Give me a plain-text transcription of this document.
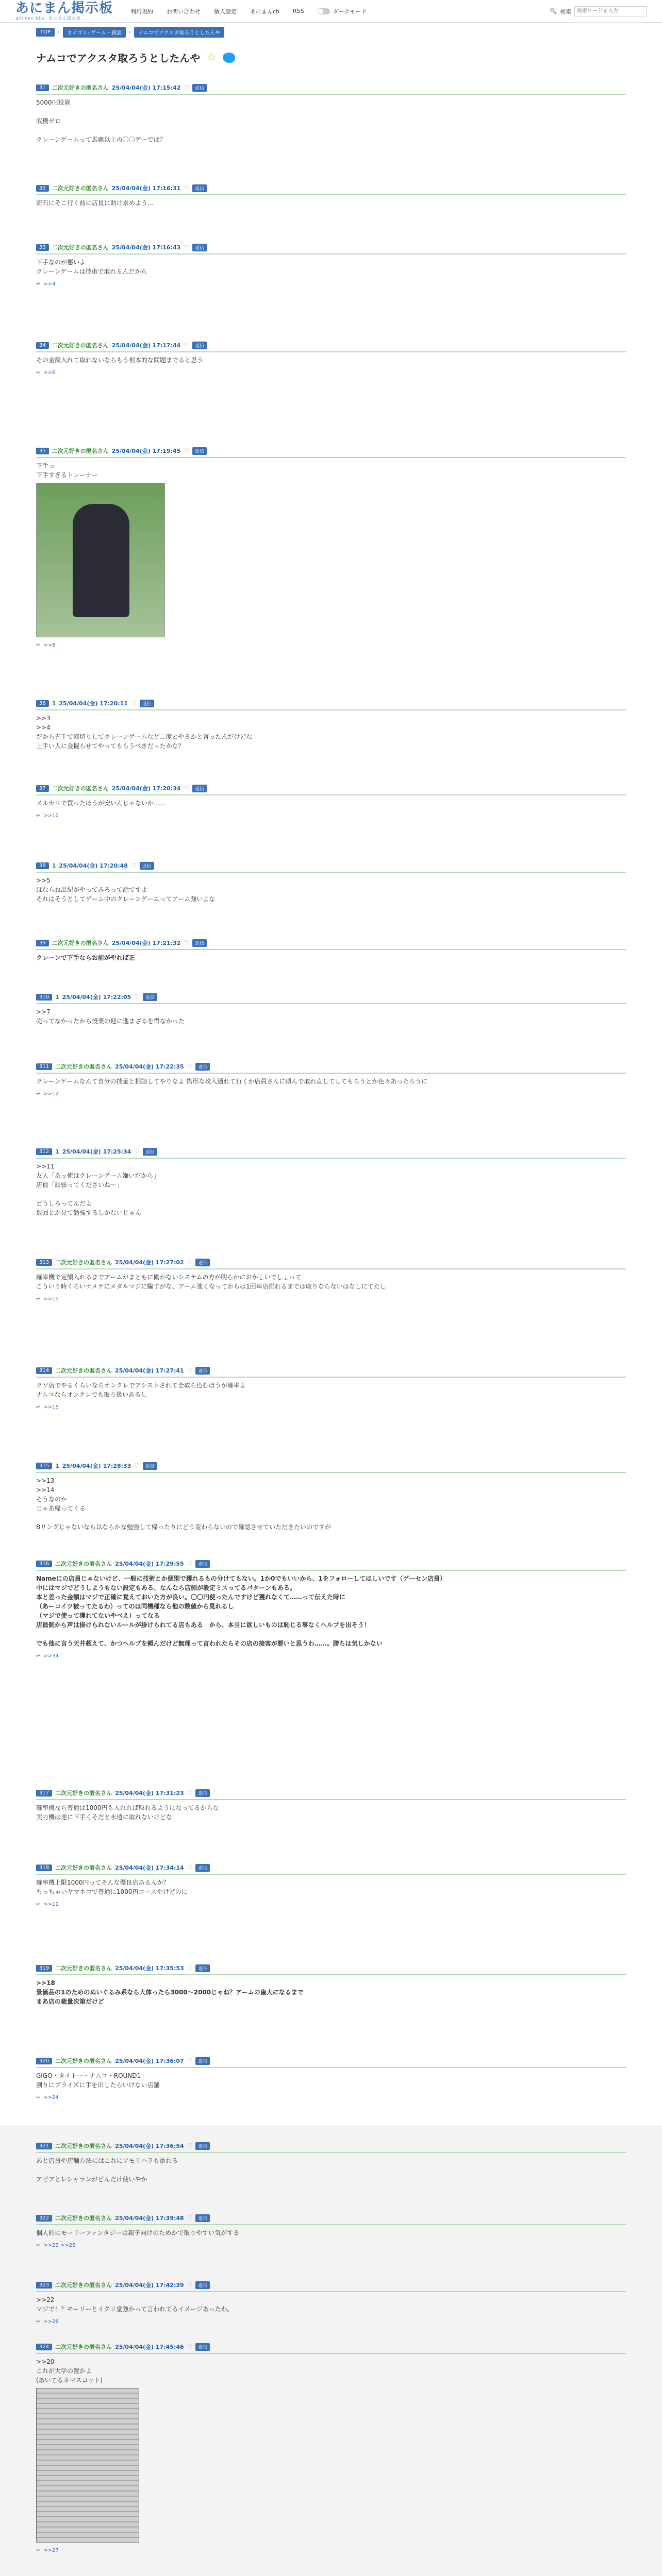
あにまん掲示板
animan bbs. あにまん掲示板
利用規約 お問い合わせ 個人設定 あにまんch RSS	ダークモード	🔍 検索
検索ワードを入力
TOP	›	カテゴリ: ゲーム・雑談	›	ナムコでアクスタ取ろうとしたんや
ナムコでアクスタ取ろうとしたんや ☆
31	二次元好きの匿名さん 25/04/04(金) 17:15:42 ♡	返信
5000円投資

収穫ゼロ

クレーンゲームって馬鹿以上の〇〇ゲーでは？
32	二次元好きの匿名さん 25/04/04(金) 17:16:31 ♡	返信
流石にそこ行く前に店員に助け求めよう…
33	二次元好きの匿名さん 25/04/04(金) 17:16:43 ♡	返信
下手なのが悪いよ
クレーンゲームは技術で取れるんだから
↩ >>4
34	二次元好きの匿名さん 25/04/04(金) 17:17:44 ♡	返信
その金額入れて取れないならもう根本的な問題までると思う
↩ >>6
35	二次元好きの匿名さん 25/04/04(金) 17:19:45 ♡	返信
下手っ
下手すぎるトレーナー
↩ >>8
36	1 25/04/04(金) 17:20:11 ♡	返信
>>3
>>4
だから五千で諦切りしてクレーンゲームなど二度とやるかと言ったんだけどな
上手い人に金握らせてやってもらうべきだったかな？
37	二次元好きの匿名さん 25/04/04(金) 17:20:34 ♡	返信
メルカリで買ったほうが安いんじゃないか……
↩ >>10
38	1 25/04/04(金) 17:20:48 ♡	返信
>>5
ほならね出紀がやってみろって話ですよ
それはそうとしてゲーム中のクレーンゲームってアーム強いよな
39	二次元好きの匿名さん 25/04/04(金) 17:21:32 ♡	返信
クレーンで下手ならお前がやれば正
310	1 25/04/04(金) 17:22:05 ♡	返信
>>7
売ってなかったから授業の迎に進まざるを得なかった
311	二次元好きの匿名さん 25/04/04(金) 17:22:35 ♡	返信
クレーンゲームなんて自分の技量と相談してやりなよ 搭形な攻入通れて行くか店員さんに頼んで取れ直してしてもらうとか色々あったろうに
↩ >>12
312	1 25/04/04(金) 17:25:34 ♡	返信
>>11
友人「あっ俺はクレーンゲーム嫌いだから」
店員「頑張ってくださいね〜」

どうしろってんだよ
数回とか見て勉強するしかないじゃん
313	二次元好きの匿名さん 25/04/04(金) 17:27:02 ♡	返信
確率機で定額入れるまでアームがまともに働かないシステムの方が明らかにおかしいでしょって
こういう時くらいナメテにメダルマジに騙すがな、アーム強くなってからは1回車店揃れるまでは取りならないはなしにてたし
↩ >>15
314	二次元好きの匿名さん 25/04/04(金) 17:27:41 ♡	返信
クソ店でやるくらいならオンクレでアシストされて全取ら込むほうが確率よ
ナムコならオンクレでも取り扱いあるし
↩ >>15
315	1 25/04/04(金) 17:28:33 ♡	返信
>>13
>>14
そうなのか
じゃあ帰ってくる

Bリングじゃないなら以ならかな勉強して帰ったりにどう変わらないので確認させていただきたいのですが
316	二次元好きの匿名さん 25/04/04(金) 17:29:55 ♡	返信
Nameにの店員じゃないけど、一般に技術とか個別で獲れるもの分けてもない。1か0でもいいから、1をフォローしてほしいです（ゲーセン店員）
中にはマジでどうしようもない設定もある、なんなら店側が設定ミスってるパターンもある。
本と差った金額はマジで正確に覚えておいた方が良い。〇〇円使ったんですけど獲れなくて……って伝えた時に
（あーコイツ被ってたるわ）ってのは同機種なら他の数値から見れるし
（マジで使って獲れてないやべえ）ってなる
店員側から声は掛けられないルールが掛けられてる店もある　から、本当に欲しいものは恥じる事なくヘルプを出そう！

でも他に言う天井超えて、かつヘルプを頼んだけど無理って言われたらその店の接客が悪いと思うわ……。勝ちは気しかない
↩ >>34
317	二次元好きの匿名さん 25/04/04(金) 17:31:23 ♡	返信
確率機なら普通は1000円も入れれば取れるようになってるからな
実力機は逆に下手くそだと永遠に取れないけどな
318	二次元好きの匿名さん 25/04/04(金) 17:34:14 ♡	返信
確率機上限1000円ってそんな優良店あるんか？
ちっちゃいヤマネコで普通に1000円コースやけどのに
↩ >>19
319	二次元好きの匿名さん 25/04/04(金) 17:35:53 ♡	返信
>>18
景価品の1のためのぬいぐるみ系なら大体ったら3000〜2000じゃね？アームの歯大になるまで
まあ店の裁量次第だけど
320	二次元好きの匿名さん 25/04/04(金) 17:36:07 ♡	返信
GIGO・タイトー・ナムコ・ROUND1
割りにプライズに手を出したらいけない店舗
↩ >>24
321	二次元好きの匿名さん 25/04/04(金) 17:36:54 ♡	返信
あと店員や店舗方法にはこれにアモリハラも添れる

アピアとレシャランがどんだけ使いやか
322	二次元好きの匿名さん 25/04/04(金) 17:39:48 ♡	返信
個人的にモーリーファンタジーは親子向けのためかで取りやすい気がする
↩ >>23 >>26
323	二次元好きの匿名さん 25/04/04(金) 17:42:39 ♡	返信
>>22
マジで！？モーリーとイクリ堂強かって言われてるイメージあったわ。
↩ >>26
324	二次元好きの匿名さん 25/04/04(金) 17:45:46 ♡	返信
>>20
これが大学の置かよ
(あいてるネマスコット)
↩ >>27
